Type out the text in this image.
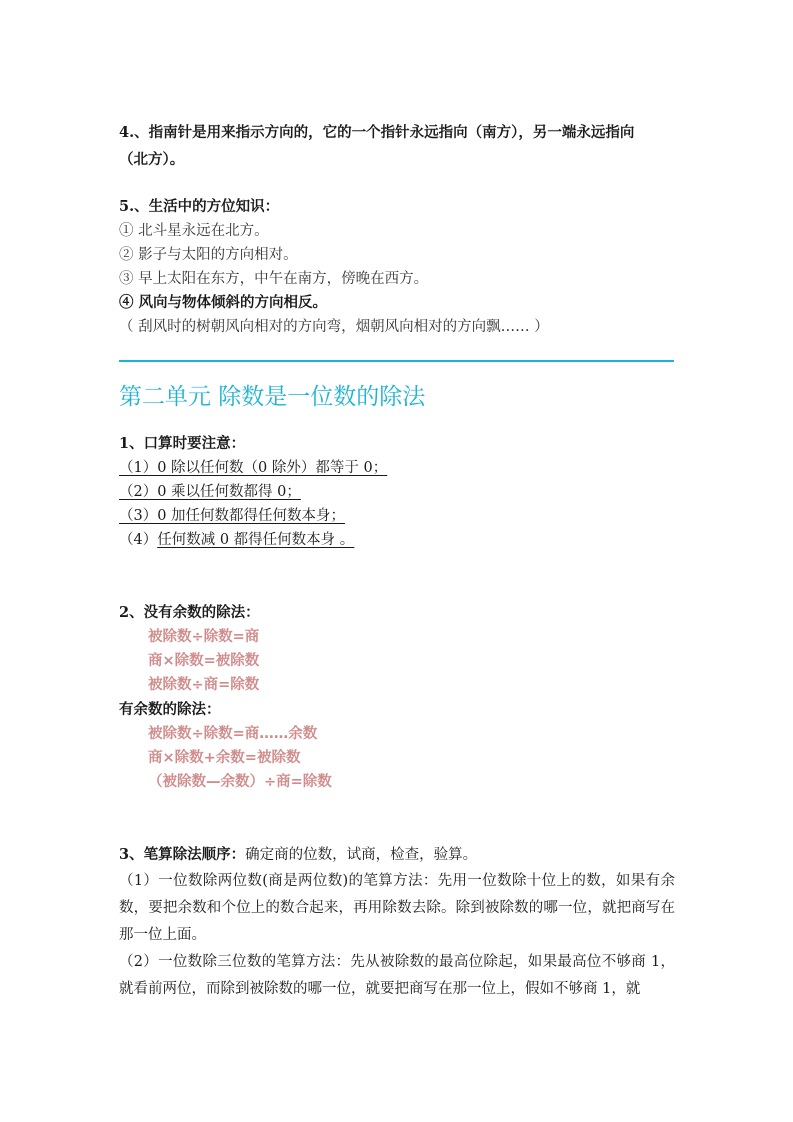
4.、指南针是用来指示方向的，它的一个指针永远指向（南方），另一端永远指向
（北方）。
5.、生活中的方位知识：
① 北斗星永远在北方。
② 影子与太阳的方向相对。
③ 早上太阳在东方，中午在南方，傍晚在西方。
④ 风向与物体倾斜的方向相反。
（ 刮风时的树朝风向相对的方向弯，烟朝风向相对的方向飘…… ）
第二单元 除数是一位数的除法
1、口算时要注意：
（1）0 除以任何数（0 除外）都等于 0；
（2）0 乘以任何数都得 0；
（3）0 加任何数都得任何数本身；
（4）任何数减 0 都得任何数本身 。
2、没有余数的除法：
被除数÷除数=商
商×除数=被除数
被除数÷商=除数
有余数的除法：
被除数÷除数=商……余数
商×除数+余数=被除数
（被除数—余数）÷商=除数
3、笔算除法顺序：确定商的位数，试商，检查，验算。
（1）一位数除两位数(商是两位数)的笔算方法：先用一位数除十位上的数，如果有余数，要把余数和个位上的数合起来，再用除数去除。除到被除数的哪一位，就把商写在那一位上面。
（2）一位数除三位数的笔算方法：先从被除数的最高位除起，如果最高位不够商 1，就看前两位，而除到被除数的哪一位，就要把商写在那一位上，假如不够商 1，就
